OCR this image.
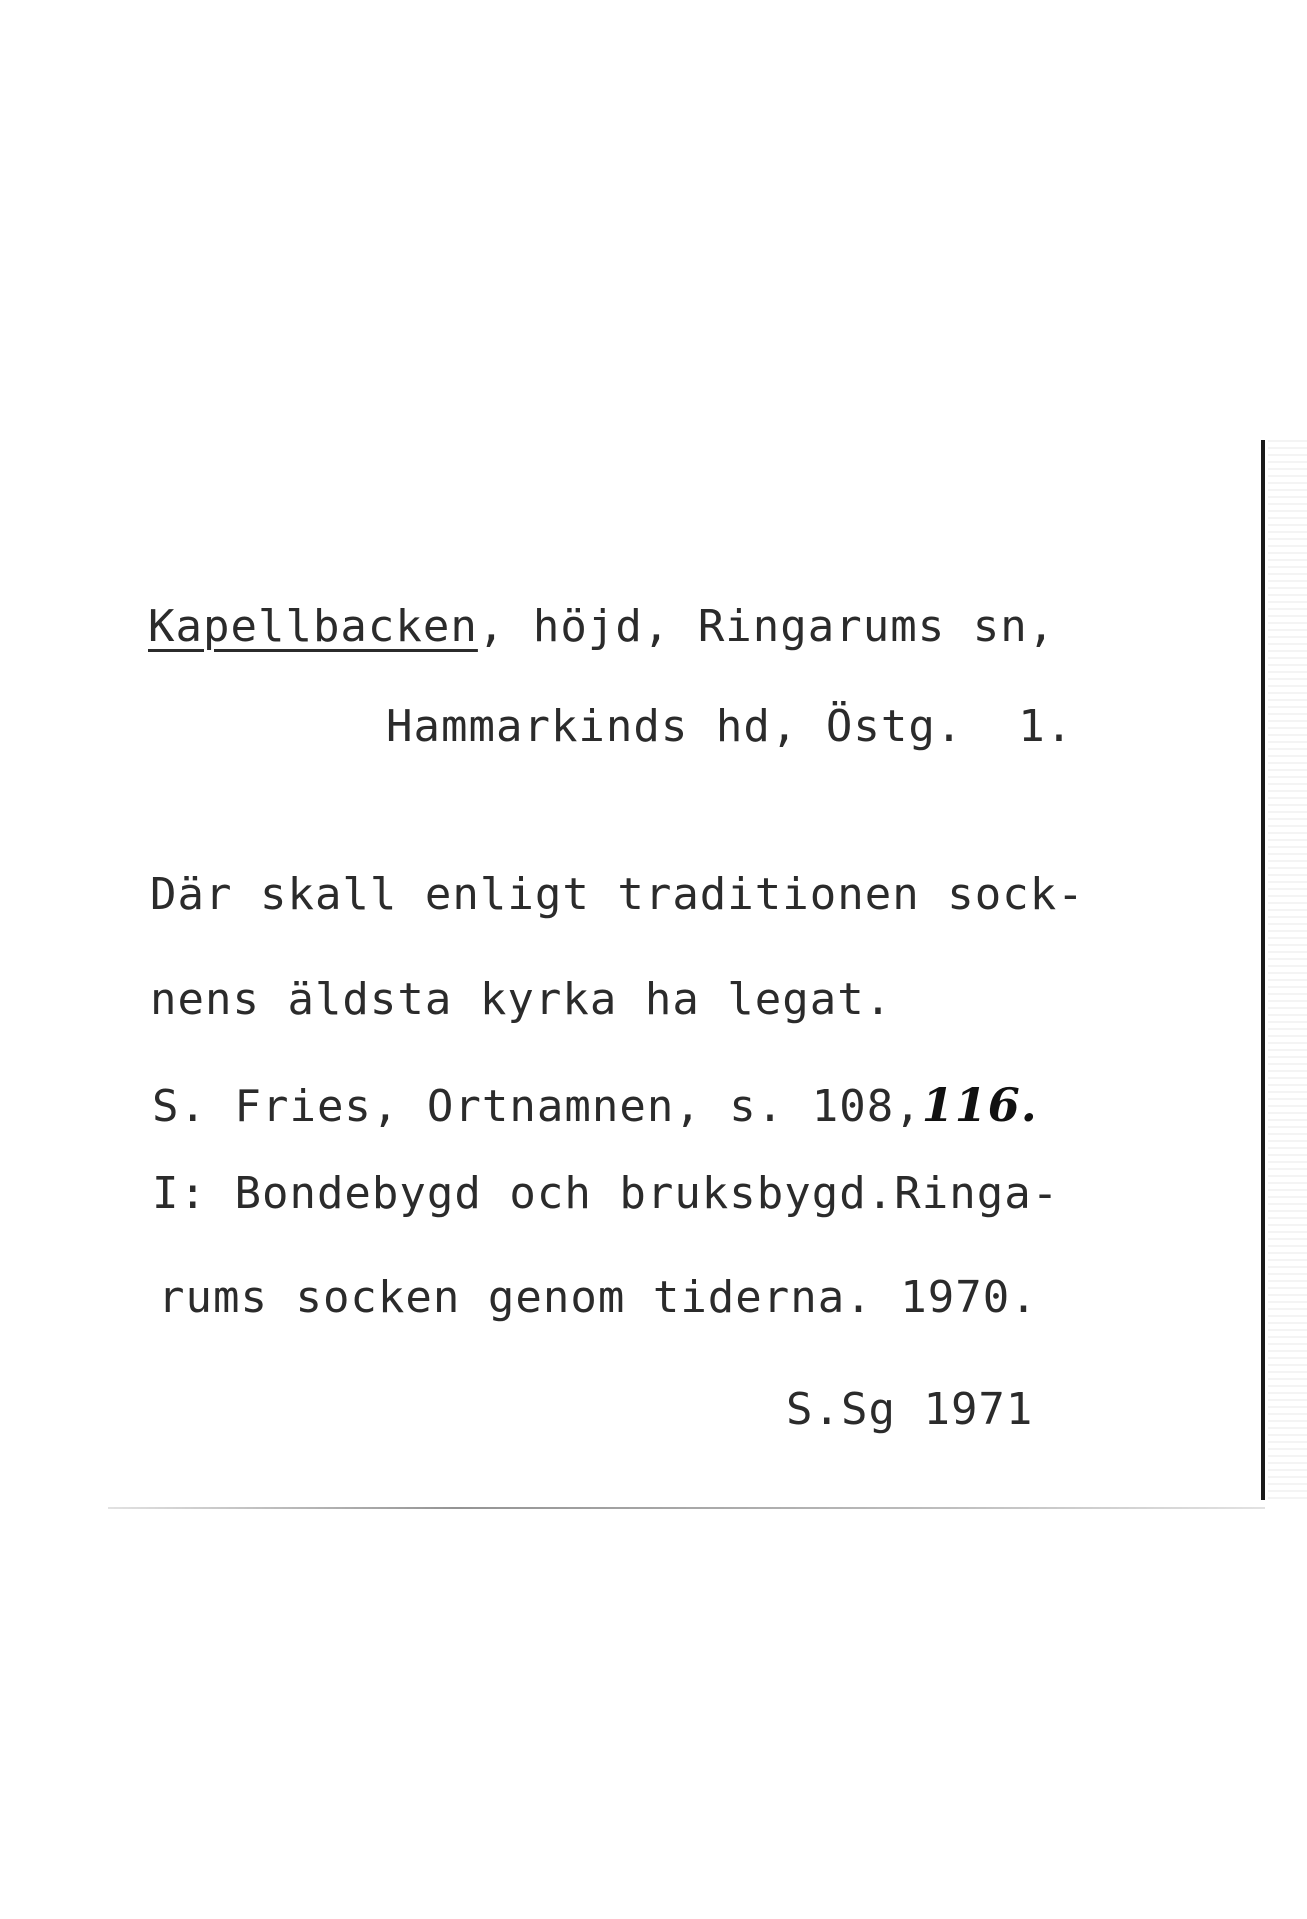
Kapellbacken, höjd, Ringarums sn,
Hammarkinds hd, Östg.  1.
Där skall enligt traditionen sock-
nens äldsta kyrka ha legat.
S. Fries, Ortnamnen, s. 108,116.
I: Bondebygd och bruksbygd.Ringa-
rums socken genom tiderna. 1970.
S.Sg 1971
